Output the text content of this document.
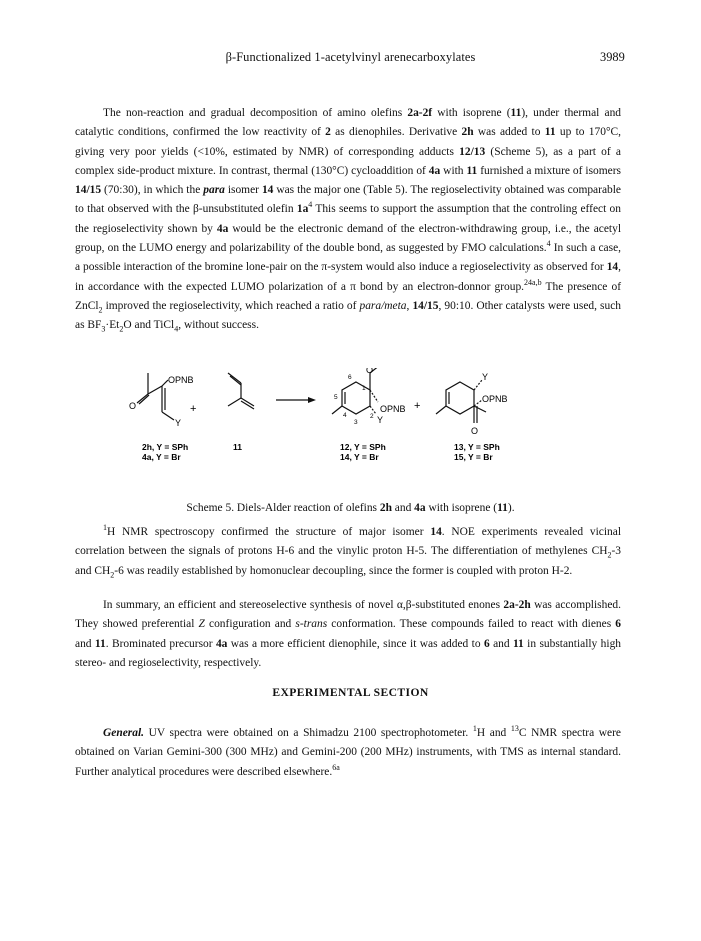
β-Functionalized 1-acetylvinyl arenecarboxylates	3989
The non-reaction and gradual decomposition of amino olefins 2a-2f with isoprene (11), under thermal and catalytic conditions, confirmed the low reactivity of 2 as dienophiles. Derivative 2h was added to 11 up to 170°C, giving very poor yields (<10%, estimated by NMR) of corresponding adducts 12/13 (Scheme 5), as a part of a complex side-product mixture. In contrast, thermal (130°C) cycloaddition of 4a with 11 furnished a mixture of isomers 14/15 (70:30), in which the para isomer 14 was the major one (Table 5). The regioselectivity obtained was comparable to that observed with the β-unsubstituted olefin $1a^4$ This seems to support the assumption that the controling effect on the regioselectivity shown by 4a would be the electronic demand of the electron-withdrawing group, i.e., the acetyl group, on the LUMO energy and polarizability of the double bond, as suggested by FMO calculations.$^4$ In such a case, a possible interaction of the bromine lone-pair on the π-system would also induce a regioselectivity as observed for 14, in accordance with the expected LUMO polarization of a π bond by an electron-donnor group.$^{24a,b}$ The presence of ZnCl$_2$ improved the regioselectivity, which reached a ratio of para/meta, 14/15, 90:10. Other catalysts were used, such as $BF_3\cdot Et_2O$ and TiCl$_4$, without success.
O
OPNB
Y
+
O
OPNB
Y
6
1
5
4	2
3
+
Y
OPNB
O
2h, Y = SPh
4a, Y = Br
11	12, Y = SPh
14, Y = Br
13, Y = SPh
15, Y = Br
Scheme 5. Diels-Alder reaction of olefins 2h and 4a with isoprene (11).
$^1$H NMR spectroscopy confirmed the structure of major isomer 14. NOE experiments revealed vicinal correlation between the signals of protons H-6 and the vinylic proton H-5. The differentiation of methylenes $CH_2-3$ and $CH_2-6$ was readily established by homonuclear decoupling, since the former is coupled with proton H-2.
In summary, an efficient and stereoselective synthesis of novel α,β-substituted enones 2a-2h was accomplished. They showed preferential Z configuration and s-trans conformation. These compounds failed to react with dienes 6 and 11. Brominated precursor 4a was a more efficient dienophile, since it was added to 6 and 11 in substantially high stereo- and regioselectivity, respectively.
EXPERIMENTAL SECTION
General. UV spectra were obtained on a Shimadzu 2100 spectrophotometer. $^1$H and $^{13}$C NMR spectra were obtained on Varian Gemini-300 (300 MHz) and Gemini-200 (200 MHz) instruments, with TMS as internal standard. Further analytical procedures were described elsewhere.$^{6a}$
